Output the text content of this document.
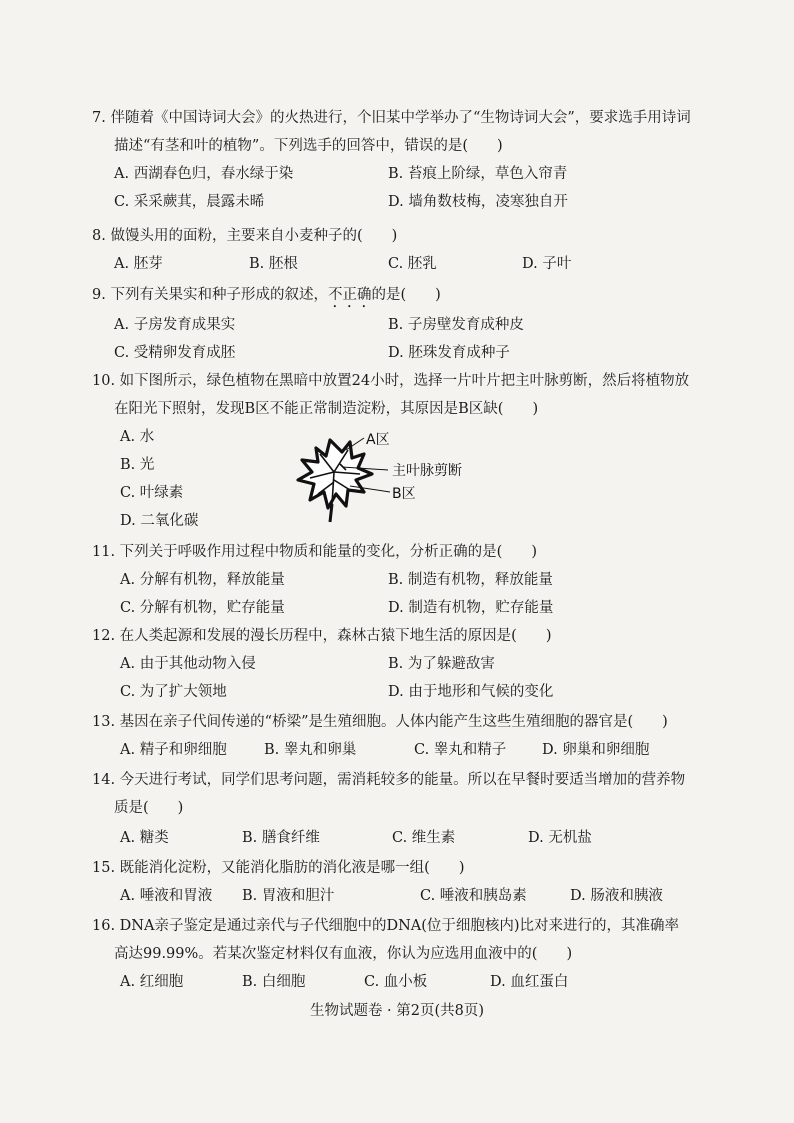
7. 伴随着《中国诗词大会》的火热进行，个旧某中学举办了“生物诗词大会”，要求选手用诗词
描述“有茎和叶的植物”。下列选手的回答中，错误的是(　　)
A. 西湖春色归，春水绿于染	B. 苔痕上阶绿，草色入帘青
C. 采采蕨萁，晨露未晞	D. 墙角数枝梅，凌寒独自开
8. 做馒头用的面粉，主要来自小麦种子的(　　)
A. 胚芽	B. 胚根	C. 胚乳	D. 子叶
9. 下列有关果实和种子形成的叙述，不正确的是(　　)
A. 子房发育成果实	B. 子房壁发育成种皮
C. 受精卵发育成胚	D. 胚珠发育成种子
10. 如下图所示，绿色植物在黑暗中放置24小时，选择一片叶片把主叶脉剪断，然后将植物放
在阳光下照射，发现B区不能正常制造淀粉，其原因是B区缺(　　)
A. 水
B. 光
C. 叶绿素
D. 二氧化碳
A区
主叶脉剪断
B区
11. 下列关于呼吸作用过程中物质和能量的变化，分析正确的是(　　)
A. 分解有机物，释放能量	B. 制造有机物，释放能量
C. 分解有机物，贮存能量	D. 制造有机物，贮存能量
12. 在人类起源和发展的漫长历程中，森林古猿下地生活的原因是(　　)
A. 由于其他动物入侵	B. 为了躲避敌害
C. 为了扩大领地	D. 由于地形和气候的变化
13. 基因在亲子代间传递的“桥梁”是生殖细胞。人体内能产生这些生殖细胞的器官是(　　)
A. 精子和卵细胞	B. 睾丸和卵巢	C. 睾丸和精子 D. 卵巢和卵细胞
14. 今天进行考试，同学们思考问题，需消耗较多的能量。所以在早餐时要适当增加的营养物
质是(　　)
A. 糖类	B. 膳食纤维	C. 维生素	D. 无机盐
15. 既能消化淀粉，又能消化脂肪的消化液是哪一组(　　)
A. 唾液和胃液 B. 胃液和胆汁	C. 唾液和胰岛素	D. 肠液和胰液
16. DNA亲子鉴定是通过亲代与子代细胞中的DNA(位于细胞核内)比对来进行的，其准确率
高达99.99%。若某次鉴定材料仅有血液，你认为应选用血液中的(　　)
A. 红细胞	B. 白细胞	C. 血小板	D. 血红蛋白
生物试题卷 · 第2页(共8页)
